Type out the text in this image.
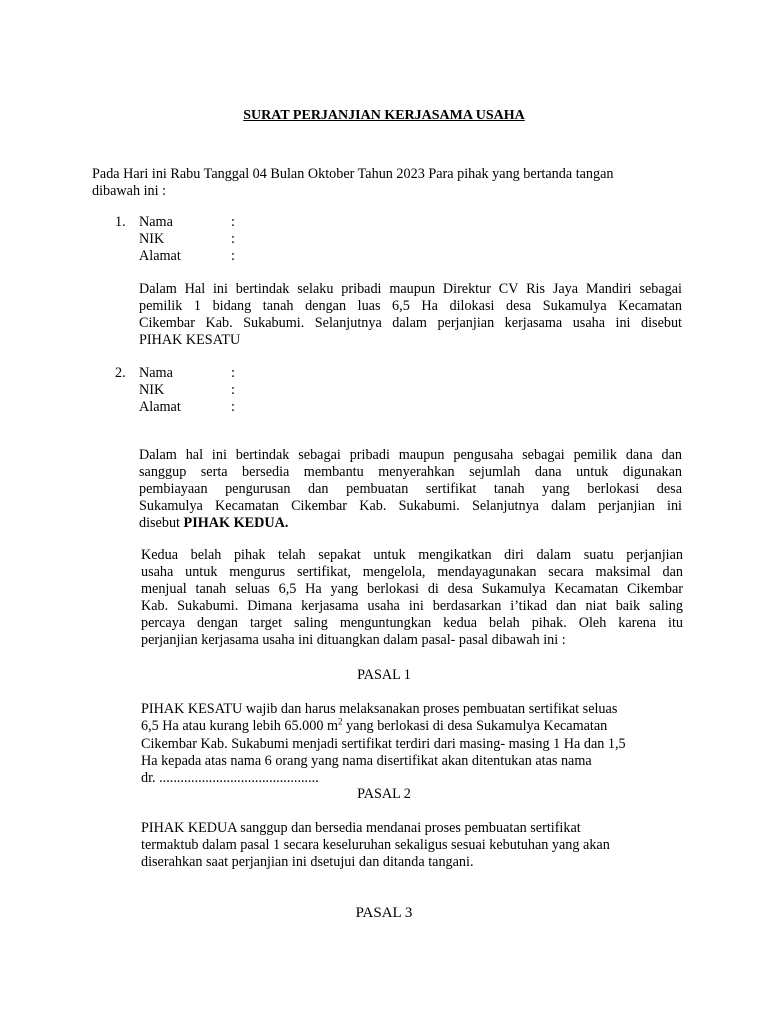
SURAT PERJANJIAN KERJASAMA USAHA
Pada Hari ini Rabu Tanggal 04 Bulan Oktober Tahun 2023 Para pihak yang bertanda tangan
dibawah ini :
1. Nama	:
NIK	:
Alamat	:
Dalam Hal ini bertindak selaku pribadi maupun Direktur CV Ris Jaya Mandiri sebagai
pemilik 1 bidang tanah dengan luas 6,5 Ha dilokasi desa Sukamulya Kecamatan
Cikembar Kab. Sukabumi. Selanjutnya dalam perjanjian kerjasama usaha ini disebut
PIHAK KESATU
2. Nama	:
NIK	:
Alamat	:
Dalam hal ini bertindak sebagai pribadi maupun pengusaha sebagai pemilik dana dan
sanggup serta bersedia membantu menyerahkan sejumlah dana untuk digunakan
pembiayaan pengurusan dan pembuatan sertifikat tanah yang berlokasi desa
Sukamulya Kecamatan Cikembar Kab. Sukabumi. Selanjutnya dalam perjanjian ini
disebut PIHAK KEDUA.
Kedua belah pihak telah sepakat untuk mengikatkan diri dalam suatu perjanjian
usaha untuk mengurus sertifikat, mengelola, mendayagunakan secara maksimal dan
menjual tanah seluas 6,5 Ha yang berlokasi di desa Sukamulya Kecamatan Cikembar
Kab. Sukabumi. Dimana kerjasama usaha ini berdasarkan i’tikad dan niat baik saling
percaya dengan target saling menguntungkan kedua belah pihak. Oleh karena itu
perjanjian kerjasama usaha ini dituangkan dalam pasal- pasal dibawah ini :
PASAL 1
PIHAK KESATU wajib dan harus melaksanakan proses pembuatan sertifikat seluas
6,5 Ha atau kurang lebih 65.000 $m^2$ yang berlokasi di desa Sukamulya Kecamatan
Cikembar Kab. Sukabumi menjadi sertifikat terdiri dari masing- masing 1 Ha dan 1,5
Ha kepada atas nama 6 orang yang nama disertifikat akan ditentukan atas nama
dr. .............................................
PASAL 2
PIHAK KEDUA sanggup dan bersedia mendanai proses pembuatan sertifikat
termaktub dalam pasal 1 secara keseluruhan sekaligus sesuai kebutuhan yang akan
diserahkan saat perjanjian ini dsetujui dan ditanda tangani.
PASAL 3
